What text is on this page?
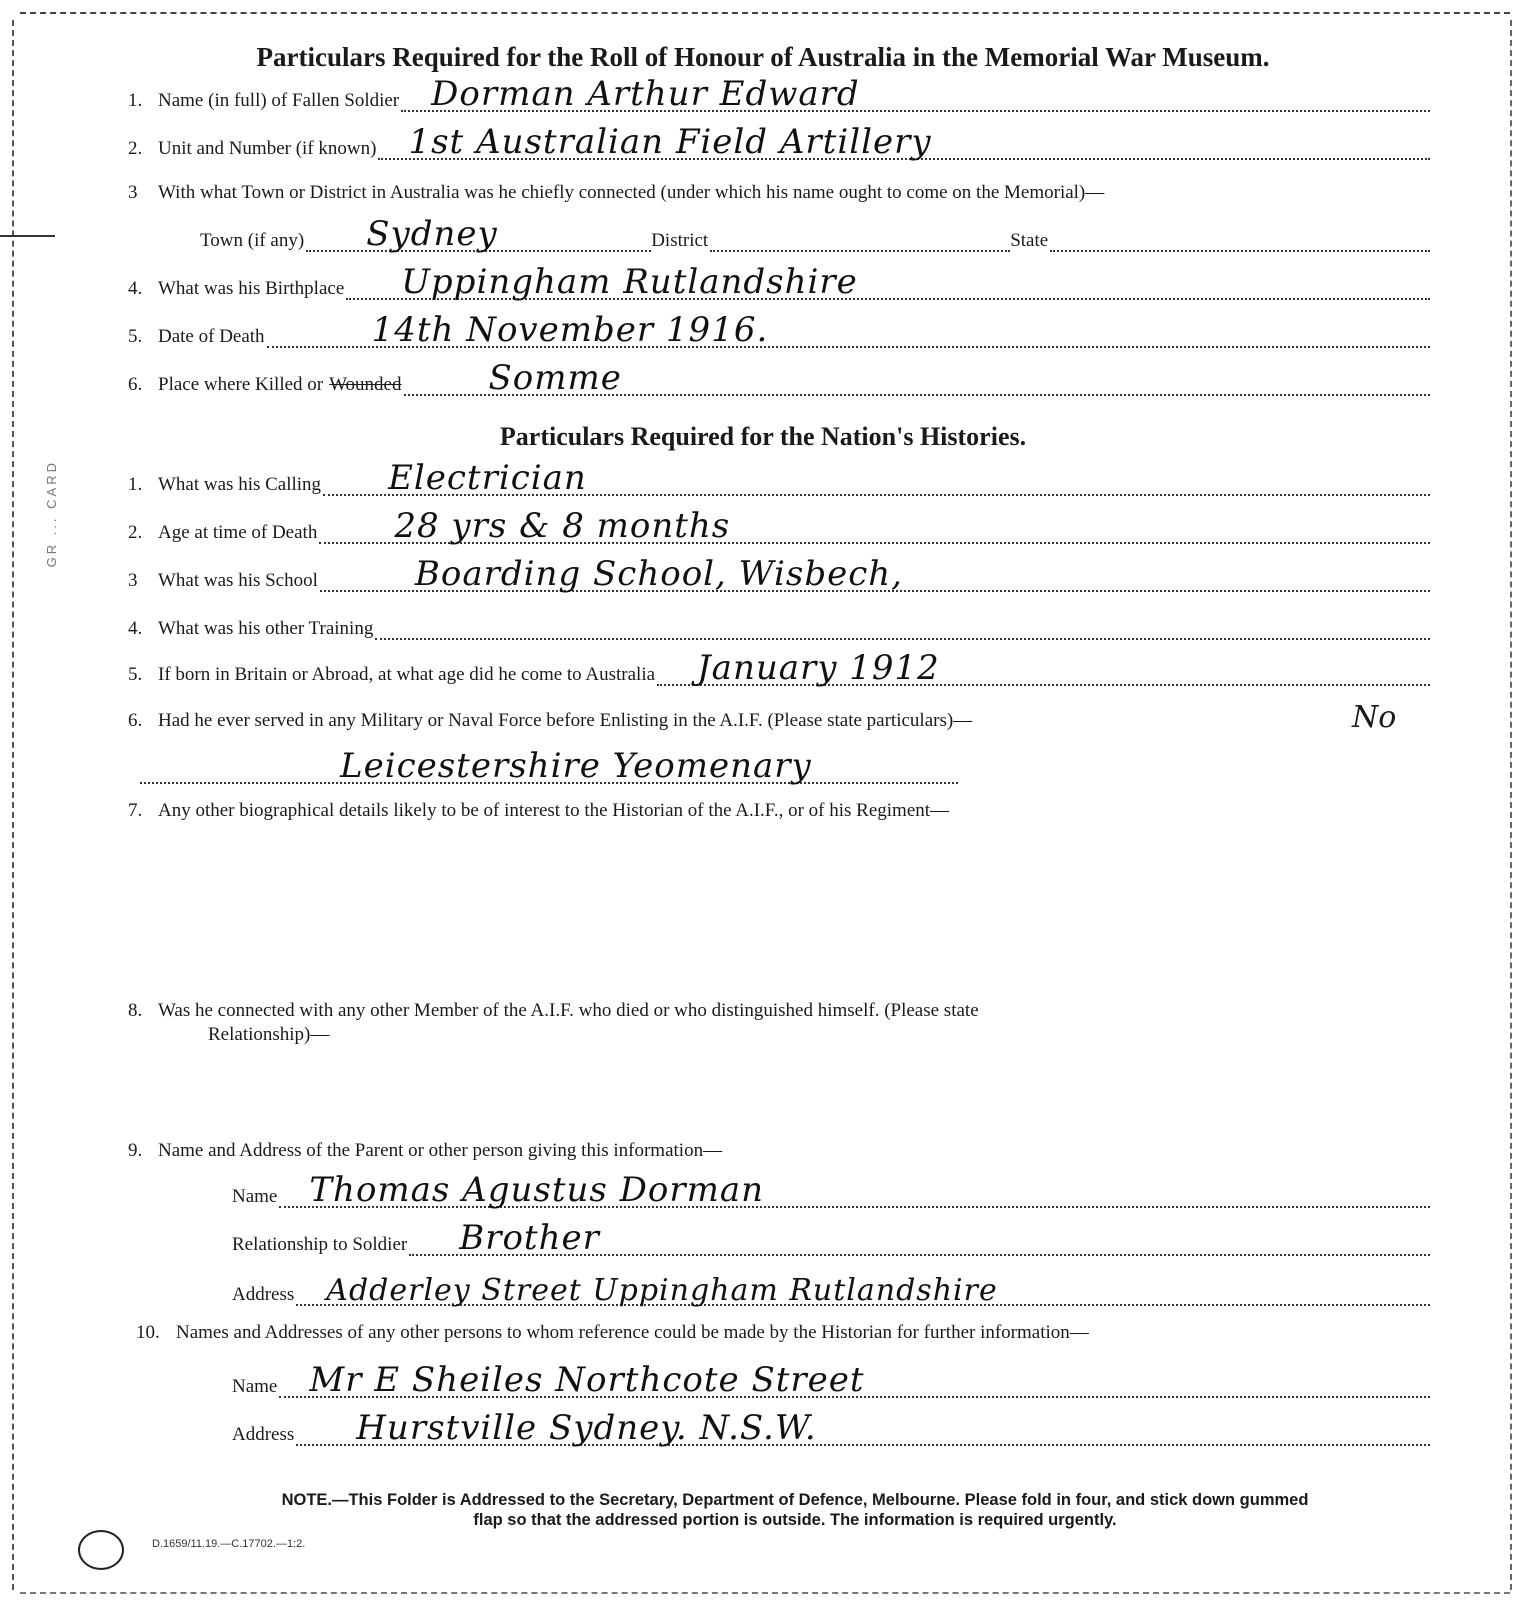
GR ... CARD
Particulars Required for the Roll of Honour of Australia in the Memorial War Museum.
1. Name (in full) of Fallen Soldier Dorman Arthur Edward
2. Unit and Number (if known) 1st Australian Field Artillery
3 With what Town or District in Australia was he chiefly connected (under which his name ought to come on the Memorial)—
Town (if any) Sydney	District	State
4. What was his Birthplace Uppingham Rutlandshire
5. Date of Death	14th November 1916.
6. Place where Killed or Wounded	Somme
Particulars Required for the Nation's Histories.
1. What was his Calling Electrician
2. Age at time of Death 28 yrs & 8 months
3	What was his School	Boarding School, Wisbech,
4. What was his other Training
5. If born in Britain or Abroad, at what age did he come to Australia January 1912
6. Had he ever served in any Military or Naval Force before Enlisting in the A.I.F. (Please state particulars)—	No
Leicestershire Yeomenary
7. Any other biographical details likely to be of interest to the Historian of the A.I.F., or of his Regiment—
8. Was he connected with any other Member of the A.I.F. who died or who distinguished himself. (Please state
Relationship)—
9. Name and Address of the Parent or other person giving this information—
Name Thomas Agustus Dorman
Relationship to Soldier Brother
Address Adderley Street Uppingham Rutlandshire
10. Names and Addresses of any other persons to whom reference could be made by the Historian for further information—
Name Mr E Sheiles Northcote Street
Address Hurstville Sydney. N.S.W.
NOTE.—This Folder is Addressed to the Secretary, Department of Defence, Melbourne. Please fold in four, and stick down gummed
flap so that the addressed portion is outside. The information is required urgently.
D.1659/11.19.—C.17702.—1:2.
